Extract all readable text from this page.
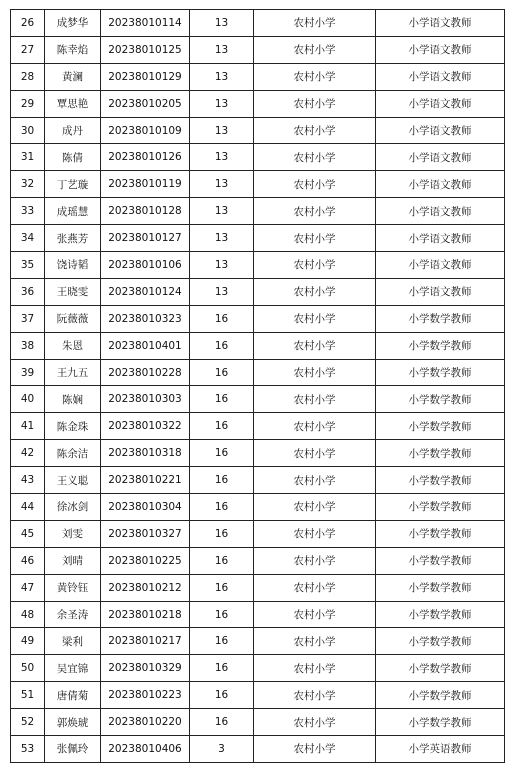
26	成梦华	20238010114	13	农村小学	小学语文教师
27	陈幸焰	20238010125	13	农村小学	小学语文教师
28	黄澜	20238010129	13	农村小学	小学语文教师
29	覃思艳	20238010205	13	农村小学	小学语文教师
30	成丹	20238010109	13	农村小学	小学语文教师
31	陈倩	20238010126	13	农村小学	小学语文教师
32	丁艺璇	20238010119	13	农村小学	小学语文教师
33	成瑶慧	20238010128	13	农村小学	小学语文教师
34	张燕芳	20238010127	13	农村小学	小学语文教师
35	饶诗韬	20238010106	13	农村小学	小学语文教师
36	王晓雯	20238010124	13	农村小学	小学语文教师
37	阮薇薇	20238010323	16	农村小学	小学数学教师
38	朱恩	20238010401	16	农村小学	小学数学教师
39	王九五	20238010228	16	农村小学	小学数学教师
40	陈娴	20238010303	16	农村小学	小学数学教师
41	陈金珠	20238010322	16	农村小学	小学数学教师
42	陈余洁	20238010318	16	农村小学	小学数学教师
43	王义聪	20238010221	16	农村小学	小学数学教师
44	徐冰剑	20238010304	16	农村小学	小学数学教师
45	刘雯	20238010327	16	农村小学	小学数学教师
46	刘晴	20238010225	16	农村小学	小学数学教师
47	黄铃钰	20238010212	16	农村小学	小学数学教师
48	余圣涛	20238010218	16	农村小学	小学数学教师
49	梁利	20238010217	16	农村小学	小学数学教师
50	吴宜锦	20238010329	16	农村小学	小学数学教师
51	唐倩菊	20238010223	16	农村小学	小学数学教师
52	郭焕琥	20238010220	16	农村小学	小学数学教师
53	张佩玲	20238010406	3	农村小学	小学英语教师
